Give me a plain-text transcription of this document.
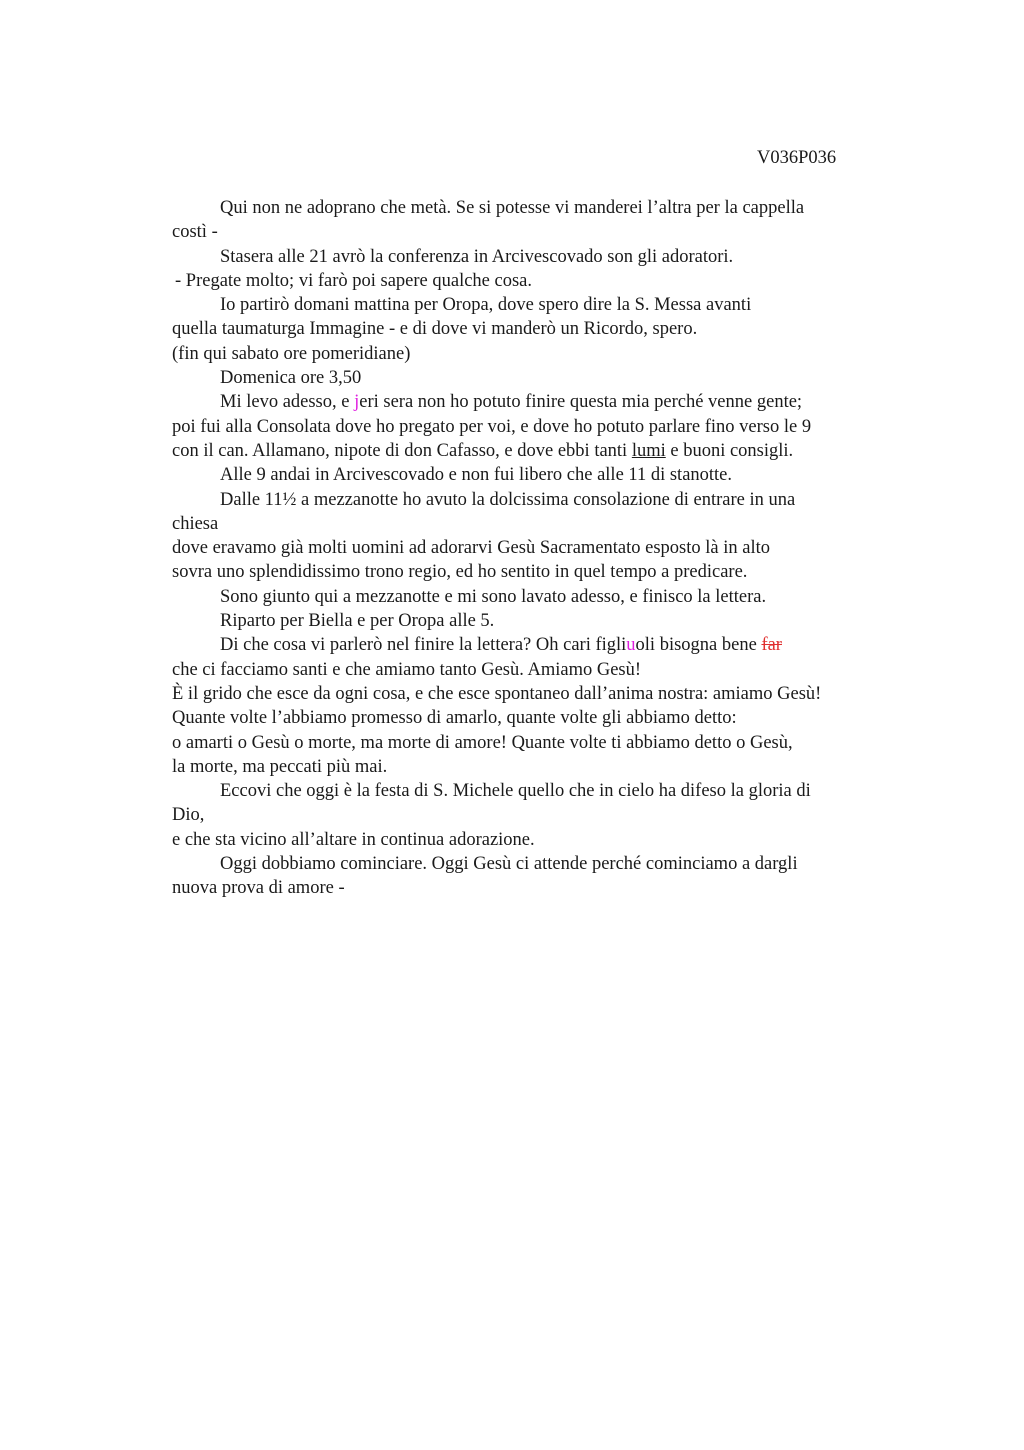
V036P036

Qui non ne adoprano che metà. Se si potesse vi manderei l’altra per la cappella
costì -
Stasera alle 21 avrò la conferenza in Arcivescovado son gli adoratori.
- Pregate molto; vi farò poi sapere qualche cosa.
Io partirò domani mattina per Oropa, dove spero dire la S. Messa avanti
quella taumaturga Immagine - e di dove vi manderò un Ricordo, spero.
(fin qui sabato ore pomeridiane)
Domenica ore 3,50
Mi levo adesso, e jeri sera non ho potuto finire questa mia perché venne gente;
poi fui alla Consolata dove ho pregato per voi, e dove ho potuto parlare fino verso le 9
con il can. Allamano, nipote di don Cafasso, e dove ebbi tanti lumi e buoni consigli.
Alle 9 andai in Arcivescovado e non fui libero che alle 11 di stanotte.
Dalle 11½ a mezzanotte ho avuto la dolcissima consolazione di entrare in una
chiesa
dove eravamo già molti uomini ad adorarvi Gesù Sacramentato esposto là in alto
sovra uno splendidissimo trono regio, ed ho sentito in quel tempo a predicare.
Sono giunto qui a mezzanotte e mi sono lavato adesso, e finisco la lettera.
Riparto per Biella e per Oropa alle 5.
Di che cosa vi parlerò nel finire la lettera? Oh cari figliuoli bisogna bene far
che ci facciamo santi e che amiamo tanto Gesù. Amiamo Gesù!
È il grido che esce da ogni cosa, e che esce spontaneo dall’anima nostra: amiamo Gesù!
Quante volte l’abbiamo promesso di amarlo, quante volte gli abbiamo detto:
o amarti o Gesù o morte, ma morte di amore! Quante volte ti abbiamo detto o Gesù,
la morte, ma peccati più mai.
Eccovi che oggi è la festa di S. Michele quello che in cielo ha difeso la gloria di
Dio,
e che sta vicino all’altare in continua adorazione.
Oggi dobbiamo cominciare. Oggi Gesù ci attende perché cominciamo a dargli
nuova prova di amore -
